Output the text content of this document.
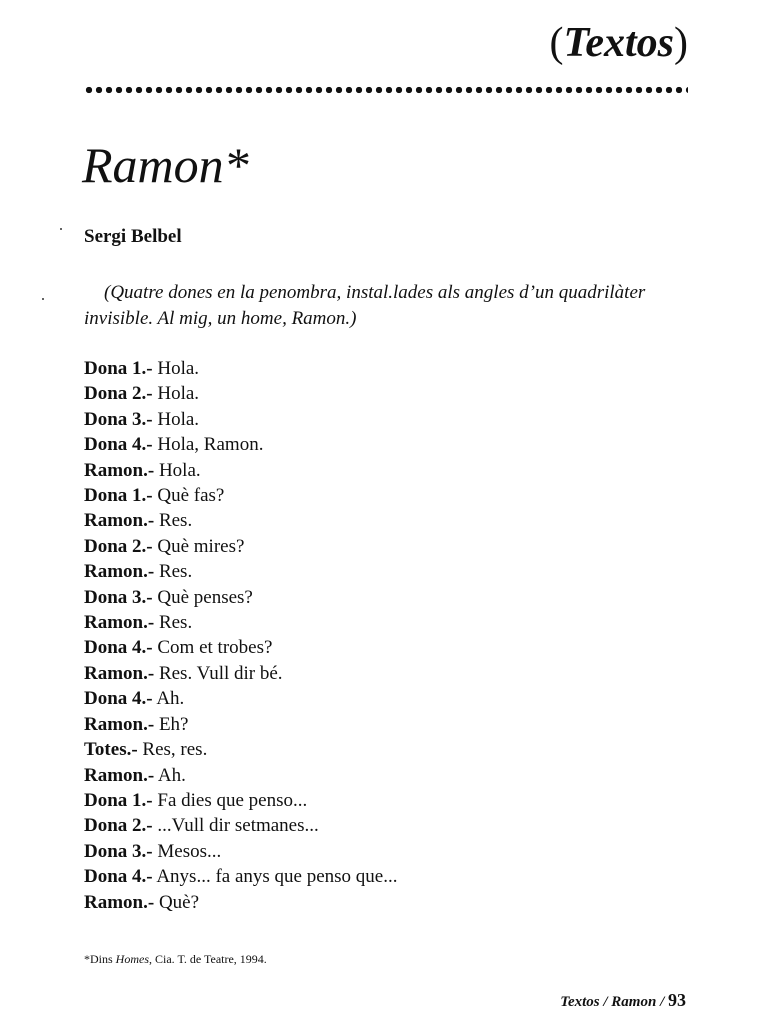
(Textos)
Ramon*
Sergi Belbel
(Quatre dones en la penombra, instal.lades als angles d’un quadrilàter invisible. Al mig, un home, Ramon.)
Dona 1.- Hola.
Dona 2.- Hola.
Dona 3.- Hola.
Dona 4.- Hola, Ramon.
Ramon.- Hola.
Dona 1.- Què fas?
Ramon.- Res.
Dona 2.- Què mires?
Ramon.- Res.
Dona 3.- Què penses?
Ramon.- Res.
Dona 4.- Com et trobes?
Ramon.- Res. Vull dir bé.
Dona 4.- Ah.
Ramon.- Eh?
Totes.- Res, res.
Ramon.- Ah.
Dona 1.- Fa dies que penso...
Dona 2.- ...Vull dir setmanes...
Dona 3.- Mesos...
Dona 4.- Anys... fa anys que penso que...
Ramon.- Què?
*Dins Homes, Cia. T. de Teatre, 1994.
Textos / Ramon / 93
